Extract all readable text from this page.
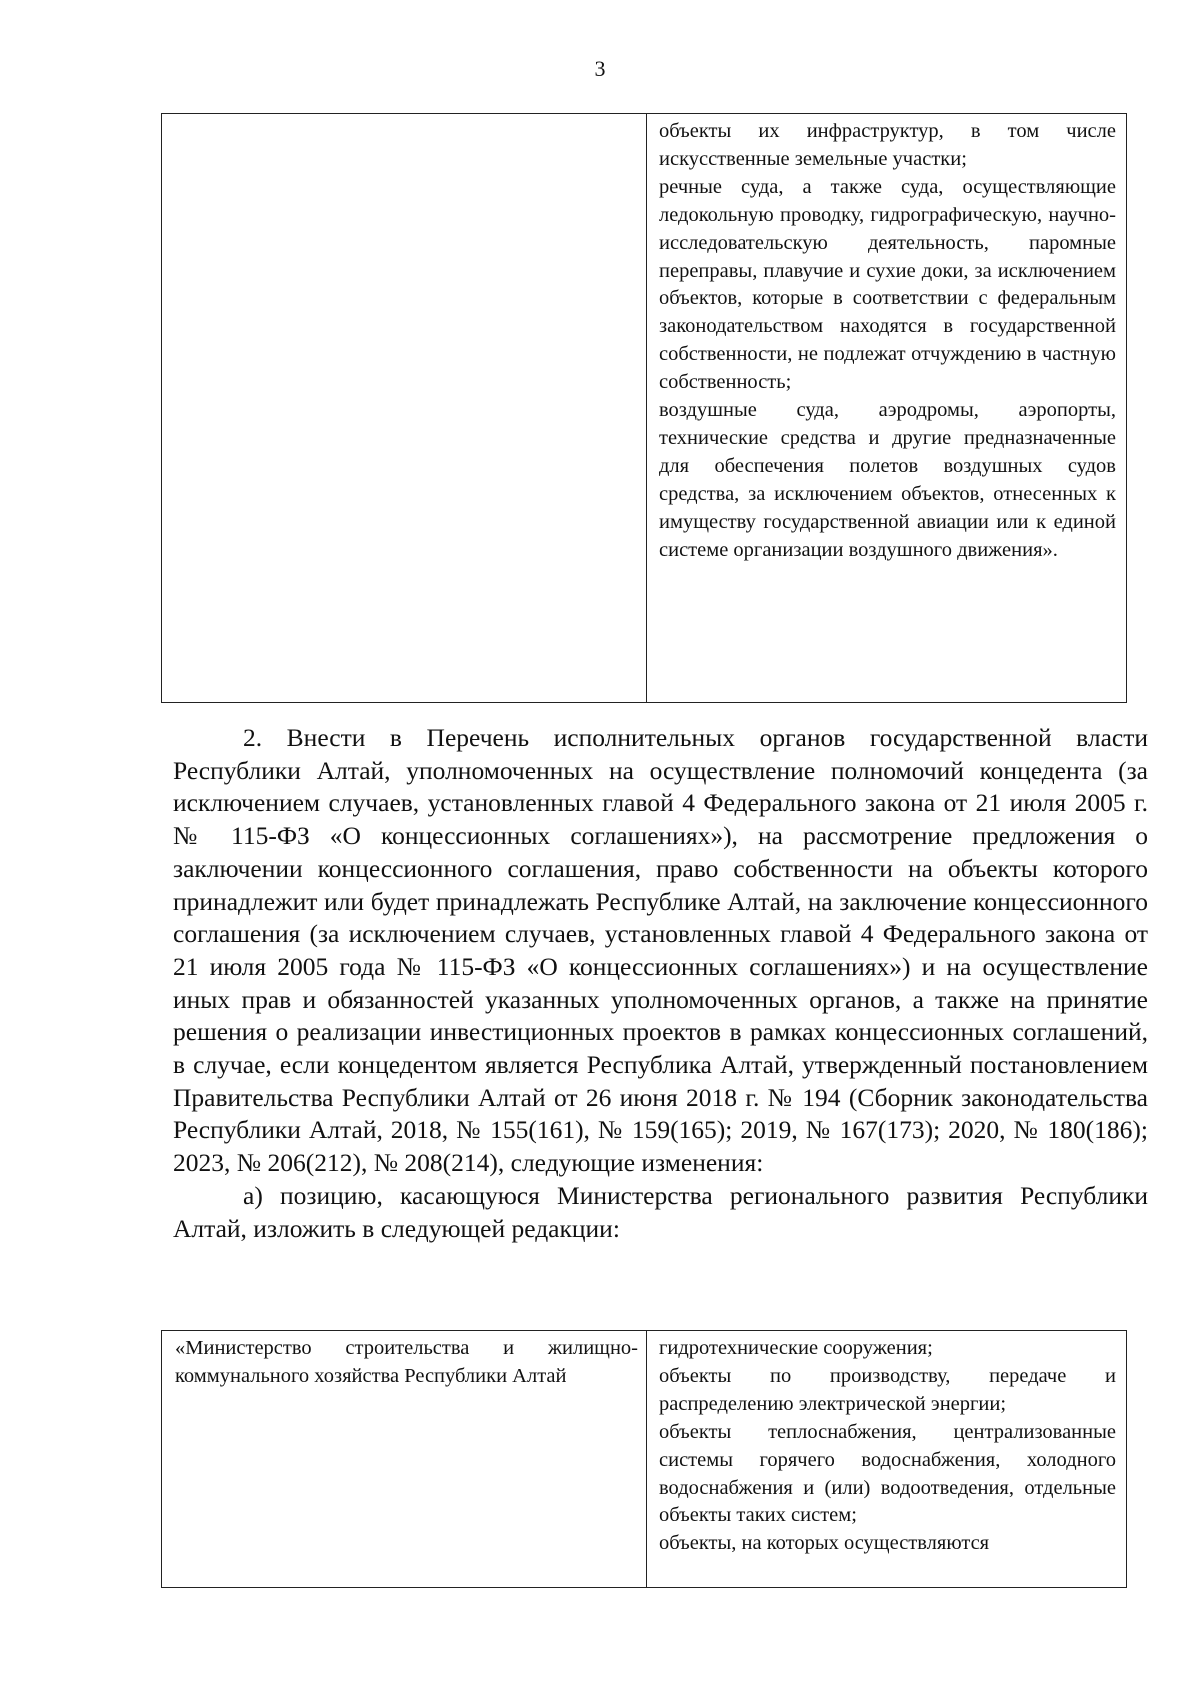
3

объекты их инфраструктур, в том числе искусственные земельные участки;

речные суда, а также суда, осуществляющие ледокольную проводку, гидрографическую, научно-исследовательскую деятельность, паромные переправы, плавучие и сухие доки, за исключением объектов, которые в соответствии с федеральным законодательством находятся в государственной собственности, не подлежат отчуждению в частную собственность;

воздушные суда, аэродромы, аэропорты, технические средства и другие предназначенные для обеспечения полетов воздушных судов средства, за исключением объектов, отнесенных к имуществу государственной авиации или к единой системе организации воздушного движения».

2. Внести в Перечень исполнительных органов государственной власти Республики Алтай, уполномоченных на осуществление полномочий концедента (за исключением случаев, установленных главой 4 Федерального закона от 21 июля 2005 г. № 115-ФЗ «О концессионных соглашениях»), на рассмотрение предложения о заключении концессионного соглашения, право собственности на объекты которого принадлежит или будет принадлежать Республике Алтай, на заключение концессионного соглашения (за исключением случаев, установленных главой 4 Федерального закона от 21 июля 2005 года № 115-ФЗ «О концессионных соглашениях») и на осуществление иных прав и обязанностей указанных уполномоченных органов, а также на принятие решения о реализации инвестиционных проектов в рамках концессионных соглашений, в случае, если концедентом является Республика Алтай, утвержденный постановлением Правительства Республики Алтай от 26 июня 2018 г. № 194 (Сборник законодательства Республики Алтай, 2018, № 155(161), № 159(165); 2019, № 167(173); 2020, № 180(186); 2023, № 206(212), № 208(214), следующие изменения:

а) позицию, касающуюся Министерства регионального развития Республики Алтай, изложить в следующей редакции:

«Министерство строительства и жилищно-коммунального хозяйства Республики Алтай

гидротехнические сооружения;

объекты по производству, передаче и распределению электрической энергии;

объекты теплоснабжения, централизованные системы горячего водоснабжения, холодного водоснабжения и (или) водоотведения, отдельные объекты таких систем;

объекты, на которых осуществляются
